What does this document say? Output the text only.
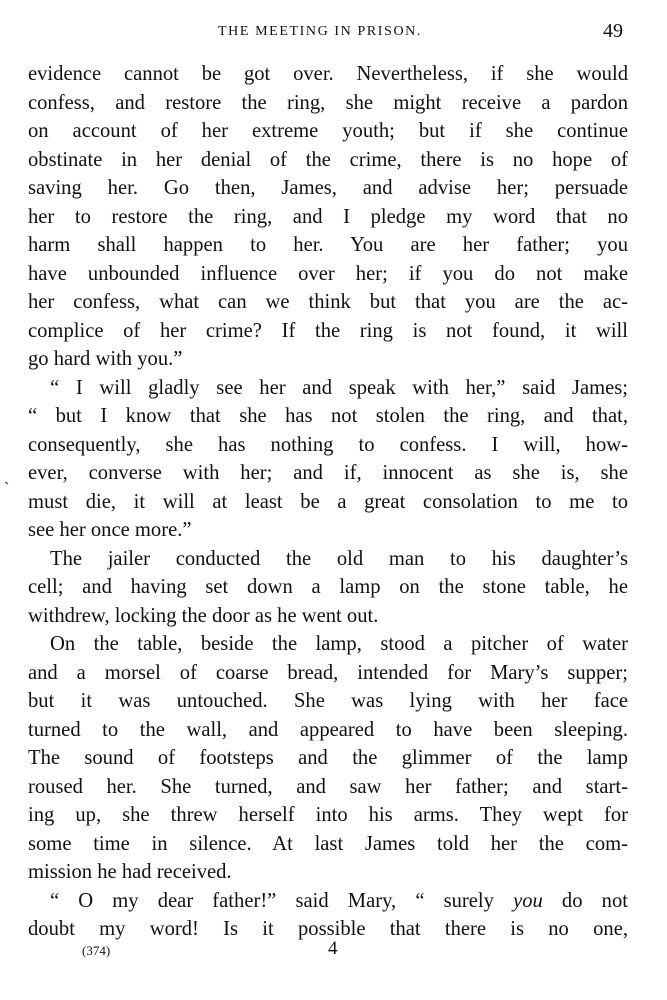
THE MEETING IN PRISON.	49
ˎ
evidence cannot be got over. Nevertheless, if she would
confess, and restore the ring, she might receive a pardon
on account of her extreme youth; but if she continue
obstinate in her denial of the crime, there is no hope of
saving her. Go then, James, and advise her; persuade
her to restore the ring, and I pledge my word that no
harm shall happen to her. You are her father; you
have unbounded influence over her; if you do not make
her confess, what can we think but that you are the ac-
complice of her crime? If the ring is not found, it will
go hard with you.”
“ I will gladly see her and speak with her,” said James;
“ but I know that she has not stolen the ring, and that,
consequently, she has nothing to confess. I will, how-
ever, converse with her; and if, innocent as she is, she
must die, it will at least be a great consolation to me to
see her once more.”
The jailer conducted the old man to his daughter’s
cell; and having set down a lamp on the stone table, he
withdrew, locking the door as he went out.
On the table, beside the lamp, stood a pitcher of water
and a morsel of coarse bread, intended for Mary’s supper;
but it was untouched. She was lying with her face
turned to the wall, and appeared to have been sleeping.
The sound of footsteps and the glimmer of the lamp
roused her. She turned, and saw her father; and start-
ing up, she threw herself into his arms. They wept for
some time in silence. At last James told her the com-
mission he had received.
“ O my dear father!” said Mary, “ surely you do not
doubt my word! Is it possible that there is no one,
(374)	4
